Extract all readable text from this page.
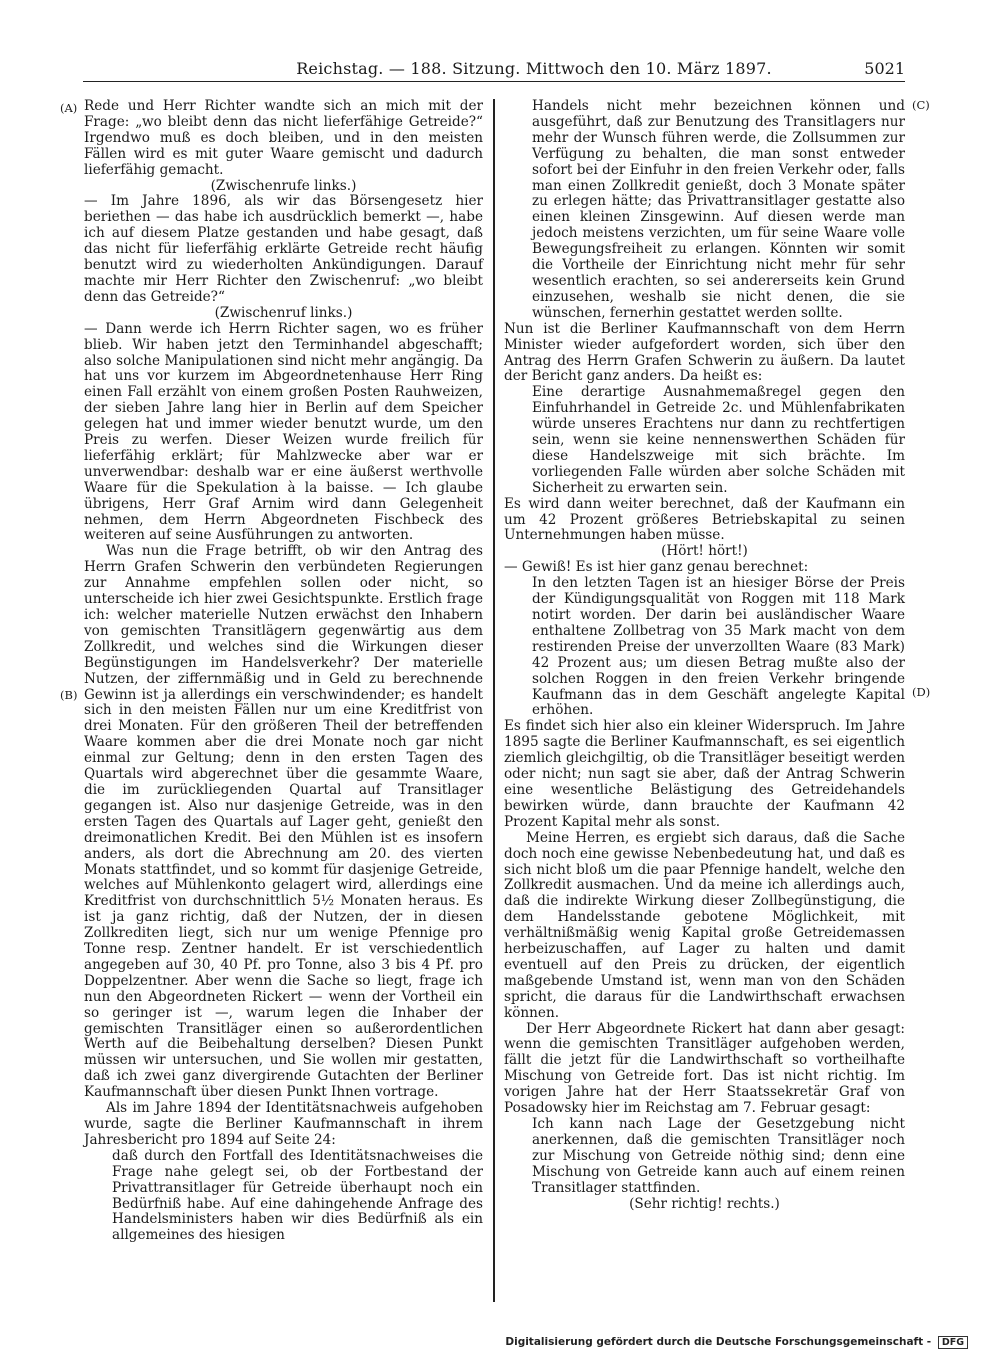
Reichstag. — 188. Sitzung. Mittwoch den 10. März 1897.	5021
(A)
(B)
(C)
(D)

Rede und Herr Richter wandte sich an mich mit der Frage: „wo bleibt denn das nicht lieferfähige Getreide?“ Irgendwo muß es doch bleiben, und in den meisten Fällen wird es mit guter Waare gemischt und dadurch lieferfähig gemacht.

(Zwischenrufe links.)

— Im Jahre 1896, als wir das Börsengesetz hier beriethen — das habe ich ausdrücklich bemerkt —, habe ich auf diesem Platze gestanden und habe gesagt, daß das nicht für lieferfähig erklärte Getreide recht häufig benutzt wird zu wiederholten Ankündigungen. Darauf machte mir Herr Richter den Zwischenruf: „wo bleibt denn das Getreide?“

(Zwischenruf links.)

— Dann werde ich Herrn Richter sagen, wo es früher blieb. Wir haben jetzt den Terminhandel abgeschafft; also solche Manipulationen sind nicht mehr angängig. Da hat uns vor kurzem im Abgeordnetenhause Herr Ring einen Fall erzählt von einem großen Posten Rauhweizen, der sieben Jahre lang hier in Berlin auf dem Speicher gelegen hat und immer wieder benutzt wurde, um den Preis zu werfen. Dieser Weizen wurde freilich für lieferfähig erklärt; für Mahlzwecke aber war er unverwendbar: deshalb war er eine äußerst werthvolle Waare für die Spekulation à la baisse. — Ich glaube übrigens, Herr Graf Arnim wird dann Gelegenheit nehmen, dem Herrn Abgeordneten Fischbeck des weiteren auf seine Ausführungen zu antworten.

Was nun die Frage betrifft, ob wir den Antrag des Herrn Grafen Schwerin den verbündeten Regierungen zur Annahme empfehlen sollen oder nicht, so unterscheide ich hier zwei Gesichtspunkte. Erstlich frage ich: welcher materielle Nutzen erwächst den Inhabern von gemischten Transitlägern gegenwärtig aus dem Zollkredit, und welches sind die Wirkungen dieser Begünstigungen im Handelsverkehr? Der materielle Nutzen, der ziffernmäßig und in Geld zu berechnende Gewinn ist ja allerdings ein verschwindender; es handelt sich in den meisten Fällen nur um eine Kreditfrist von drei Monaten. Für den größeren Theil der betreffenden Waare kommen aber die drei Monate noch gar nicht einmal zur Geltung; denn in den ersten Tagen des Quartals wird abgerechnet über die gesammte Waare, die im zurückliegenden Quartal auf Transitlager gegangen ist. Also nur dasjenige Getreide, was in den ersten Tagen des Quartals auf Lager geht, genießt den dreimonatlichen Kredit. Bei den Mühlen ist es insofern anders, als dort die Abrechnung am 20. des vierten Monats stattfindet, und so kommt für dasjenige Getreide, welches auf Mühlenkonto gelagert wird, allerdings eine Kreditfrist von durchschnittlich 5½ Monaten heraus. Es ist ja ganz richtig, daß der Nutzen, der in diesen Zollkrediten liegt, sich nur um wenige Pfennige pro Tonne resp. Zentner handelt. Er ist verschiedentlich angegeben auf 30, 40 Pf. pro Tonne, also 3 bis 4 Pf. pro Doppelzentner. Aber wenn die Sache so liegt, frage ich nun den Abgeordneten Rickert — wenn der Vortheil ein so geringer ist —, warum legen die Inhaber der gemischten Transitläger einen so außerordentlichen Werth auf die Beibehaltung derselben? Diesen Punkt müssen wir untersuchen, und Sie wollen mir gestatten, daß ich zwei ganz divergirende Gutachten der Berliner Kaufmannschaft über diesen Punkt Ihnen vortrage.

Als im Jahre 1894 der Identitätsnachweis aufgehoben wurde, sagte die Berliner Kaufmannschaft in ihrem Jahresbericht pro 1894 auf Seite 24:

daß durch den Fortfall des Identitätsnachweises die Frage nahe gelegt sei, ob der Fortbestand der Privattransitlager für Getreide überhaupt noch ein Bedürfniß habe. Auf eine dahingehende Anfrage des Handelsministers haben wir dies Bedürfniß als ein allgemeines des hiesigen

Handels nicht mehr bezeichnen können und ausgeführt, daß zur Benutzung des Transitlagers nur mehr der Wunsch führen werde, die Zollsummen zur Verfügung zu behalten, die man sonst entweder sofort bei der Einfuhr in den freien Verkehr oder, falls man einen Zollkredit genießt, doch 3 Monate später zu erlegen hätte; das Privattransitlager gestatte also einen kleinen Zinsgewinn. Auf diesen werde man jedoch meistens verzichten, um für seine Waare volle Bewegungsfreiheit zu erlangen. Könnten wir somit die Vortheile der Einrichtung nicht mehr für sehr wesentlich erachten, so sei andererseits kein Grund einzusehen, weshalb sie nicht denen, die sie wünschen, fernerhin gestattet werden sollte.

Nun ist die Berliner Kaufmannschaft von dem Herrn Minister wieder aufgefordert worden, sich über den Antrag des Herrn Grafen Schwerin zu äußern. Da lautet der Bericht ganz anders. Da heißt es:

Eine derartige Ausnahmemaßregel gegen den Einfuhrhandel in Getreide 2c. und Mühlenfabrikaten würde unseres Erachtens nur dann zu rechtfertigen sein, wenn sie keine nennenswerthen Schäden für diese Handelszweige mit sich brächte. Im vorliegenden Falle würden aber solche Schäden mit Sicherheit zu erwarten sein.

Es wird dann weiter berechnet, daß der Kaufmann ein um 42 Prozent größeres Betriebskapital zu seinen Unternehmungen haben müsse.

(Hört! hört!)

— Gewiß! Es ist hier ganz genau berechnet:

In den letzten Tagen ist an hiesiger Börse der Preis der Kündigungsqualität von Roggen mit 118 Mark notirt worden. Der darin bei ausländischer Waare enthaltene Zollbetrag von 35 Mark macht von dem restirenden Preise der unverzollten Waare (83 Mark) 42 Prozent aus; um diesen Betrag mußte also der solchen Roggen in den freien Verkehr bringende Kaufmann das in dem Geschäft angelegte Kapital erhöhen.

Es findet sich hier also ein kleiner Widerspruch. Im Jahre 1895 sagte die Berliner Kaufmannschaft, es sei eigentlich ziemlich gleichgiltig, ob die Transitläger beseitigt werden oder nicht; nun sagt sie aber, daß der Antrag Schwerin eine wesentliche Belästigung des Getreidehandels bewirken würde, dann brauchte der Kaufmann 42 Prozent Kapital mehr als sonst.

Meine Herren, es ergiebt sich daraus, daß die Sache doch noch eine gewisse Nebenbedeutung hat, und daß es sich nicht bloß um die paar Pfennige handelt, welche den Zollkredit ausmachen. Und da meine ich allerdings auch, daß die indirekte Wirkung dieser Zollbegünstigung, die dem Handelsstande gebotene Möglichkeit, mit verhältnißmäßig wenig Kapital große Getreidemassen herbeizuschaffen, auf Lager zu halten und damit eventuell auf den Preis zu drücken, der eigentlich maßgebende Umstand ist, wenn man von den Schäden spricht, die daraus für die Landwirthschaft erwachsen können.

Der Herr Abgeordnete Rickert hat dann aber gesagt: wenn die gemischten Transitläger aufgehoben werden, fällt die jetzt für die Landwirthschaft so vortheilhafte Mischung von Getreide fort. Das ist nicht richtig. Im vorigen Jahre hat der Herr Staatssekretär Graf von Posadowsky hier im Reichstag am 7. Februar gesagt:

Ich kann nach Lage der Gesetzgebung nicht anerkennen, daß die gemischten Transitläger noch zur Mischung von Getreide nöthig sind; denn eine Mischung von Getreide kann auch auf einem reinen Transitlager stattfinden.

(Sehr richtig! rechts.)

Digitalisierung gefördert durch die Deutsche Forschungsgemeinschaft - DFG
